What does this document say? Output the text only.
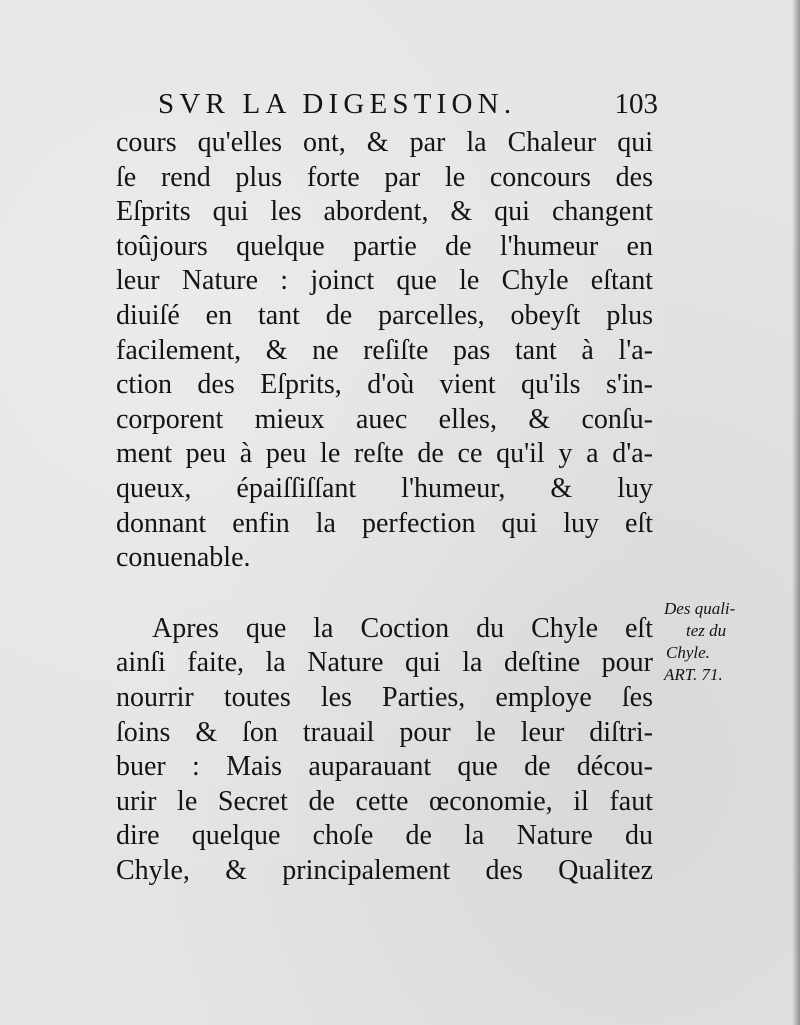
SVR LA DIGESTION.	103
cours qu'elles ont, & par la Chaleur qui
ſe rend plus forte par le concours des
Eſprits qui les abordent, & qui changent
toûjours quelque partie de l'humeur en
leur Nature : joinct que le Chyle eſtant
diuiſé en tant de parcelles, obeyſt plus
facilement, & ne reſiſte pas tant à l'a-
ction des Eſprits, d'où vient qu'ils s'in-
corporent mieux auec elles, & conſu-
ment peu à peu le reſte de ce qu'il y a d'a-
queux, épaiſſiſſant l'humeur, & luy
donnant enfin la perfection qui luy eſt
conuenable.
Apres que la Coction du Chyle eſt
ainſi faite, la Nature qui la deſtine pour
nourrir toutes les Parties, employe ſes
ſoins & ſon trauail pour le leur diſtri-
buer : Mais auparauant que de décou-
urir le Secret de cette œconomie, il faut
dire quelque choſe de la Nature du
Chyle, & principalement des Qualitez
Des quali-
tez du
Chyle.
ART. 71.
